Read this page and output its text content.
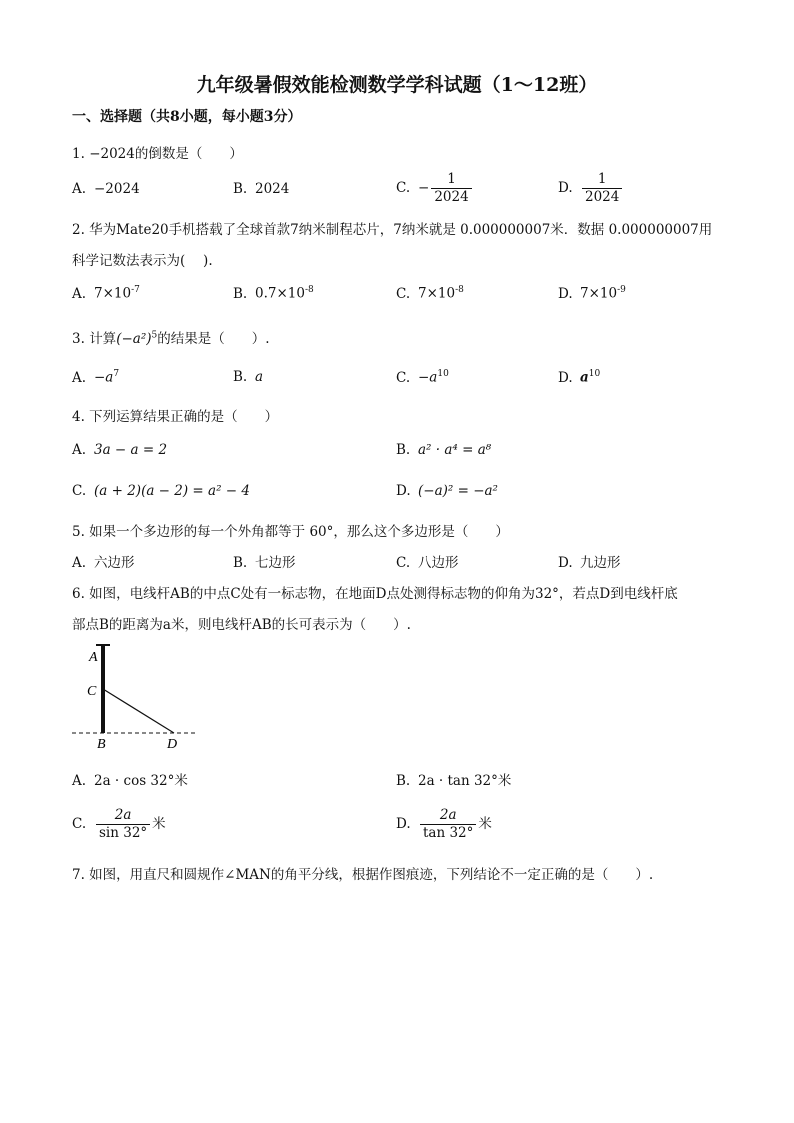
九年级暑假效能检测数学学科试题（1～12班）
一、选择题（共8小题，每小题3分）
1. −2024的倒数是（　　）
A. −2024	B. 2024	C. − $\frac{1}{2024}$	D. $\frac{1}{2024}$
2. 华为Mate20手机搭载了全球首款7纳米制程芯片，7纳米就是 0.000000007米．数据 0.000000007用
科学记数法表示为(　 ).
A. $7\times 10^{-7}$	B. $0.7\times 10^{-8}$	C. $7\times 10^{-8}$	D. $7\times 10^{-9}$
3. 计算$(-a^2)^5$的结果是（　　）.
A. $-a^7$	B. a	C. $-a^{10}$	D. $a^{10}$
4. 下列运算结果正确的是（　　）
A. 3a − a = 2	B. a² · a⁴ = a⁸
C. (a + 2)(a − 2) = a² − 4	D. (−a)² = −a²
5. 如果一个多边形的每一个外角都等于 60°，那么这个多边形是（　　）
A. 六边形	B. 七边形	C. 八边形	D. 九边形
6. 如图，电线杆AB的中点C处有一标志物，在地面D点处测得标志物的仰角为32°，若点D到电线杆底
部点B的距离为a米，则电线杆AB的长可表示为（　　）.
A
C
B	D
A. 2a · cos 32°米	B. 2a · tan 32°米
C. $\frac{2a}{\sin 32^\circ}$ 米	D. $\frac{2a}{\tan 32^\circ}$ 米
7. 如图，用直尺和圆规作∠MAN的角平分线，根据作图痕迹，下列结论不一定正确的是（　　）.
